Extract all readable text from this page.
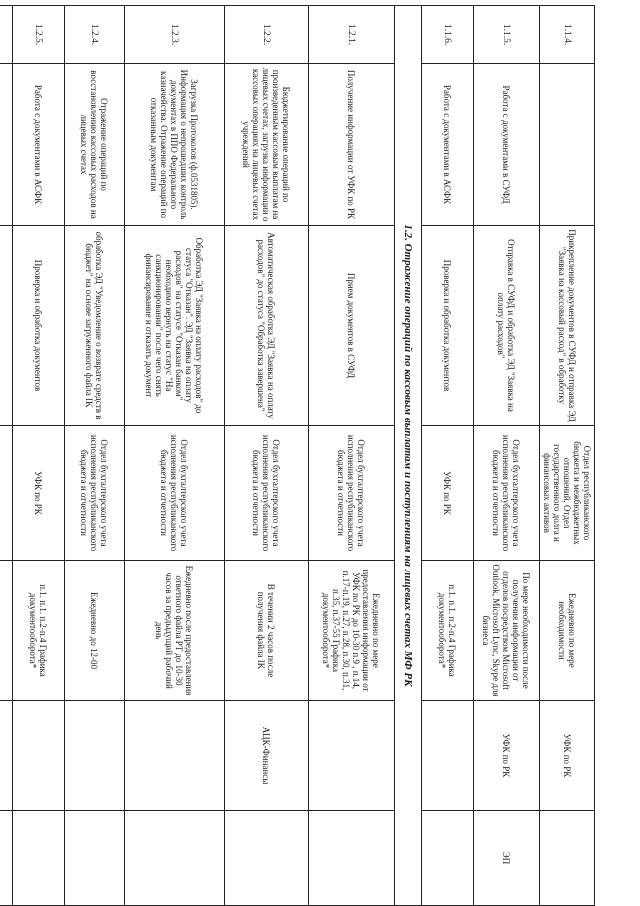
1.1.4.		Прикрепление документов в СУФД и отправка ЭД "Заявка на кассовый расход" в обработку	Отдел республиканского бюджета и межбюджетных отношений, Отдел государственного долга и финансовых активов	Ежедневно по мере необходимости	УФК по РК	
1.1.5.	Работа с документами в СУФД	Отправка в СУФД и обработка ЭД "Заявка на оплату расходов"	Отдел бухгалтерского учета исполнения республиканского бюджета и отчетности	По мере необходимости после получения информации от отделов посредством Microsoft Outlook, Microsoft Lync, Skype для бизнеса	УФК по РК	ЭП
1.1.6.	Работа с документами в АСФК	Проверка и обработка документов	УФК по РК	п.1. п.1. п.2-п.4 Графика документооборота*		
1.2. Отражение операций по кассовым выплатам и поступлениям на лицевых счетах МФ РК						
1.2.1.	Получение информации от УФК по РК	Прием документов в СУФД	Отдел бухгалтерского учета исполнения республиканского бюджета и отчетности	Ежедневно по мере предоставления информации от УФК по РК до 10-30 п.9 , п.14, п.17-п.19, п.27, п.28, п.30, п.31, п.35, п.37-55 Графика документооборота*		
1.2.2.	Бюджетирование операций по произведенным кассовым выплатам на лицевых счетах, загрузка информации о кассовых операциях на лицевых счетах учреждений	Автоматическая обработка ЭД "Заявка на оплату расходов" до статуса "Обработка завершена"	Отдел бухгалтерского учета исполнения республиканского бюджета и отчетности	В течении 2 часов после получения файла IK	АЦК-Финансы	
1.2.3.	Загрузка Протоколов (ф.0531805). Информация о непрошедших контроль документах в ППО Федерального казначейства. Отражение операций по отказанным документам	Обработка ЭД "Заявка на оплату расходов" до статуса "Отказан". ЭД "Заявка на оплату расходов" на статусе "Отказан банком" необходимо вернуть на статус "На санкционировании" после чего снять финансирование и отказать документ	Отдел бухгалтерского учета исполнения республиканского бюджета и отчетности	Ежедневно после предоставления ответного файла PT до 10-30 часов за предыдущий рабочий день		
1.2.4.	Отражение операций по восстановлению кассовых расходов на лицевых счетах	обработка ЭД "Уведомление о возврате средств в бюджет" на основе загруженного файла IK	Отдел бухгалтерского учета исполнения республиканского бюджета и отчетности	Ежедневно до 12-00		
1.2.5.	Работа с документами в АСФК	Проверка и обработка документов	УФК по РК	п.1. п.1. п.2-п.4 Графика документооборота*		
